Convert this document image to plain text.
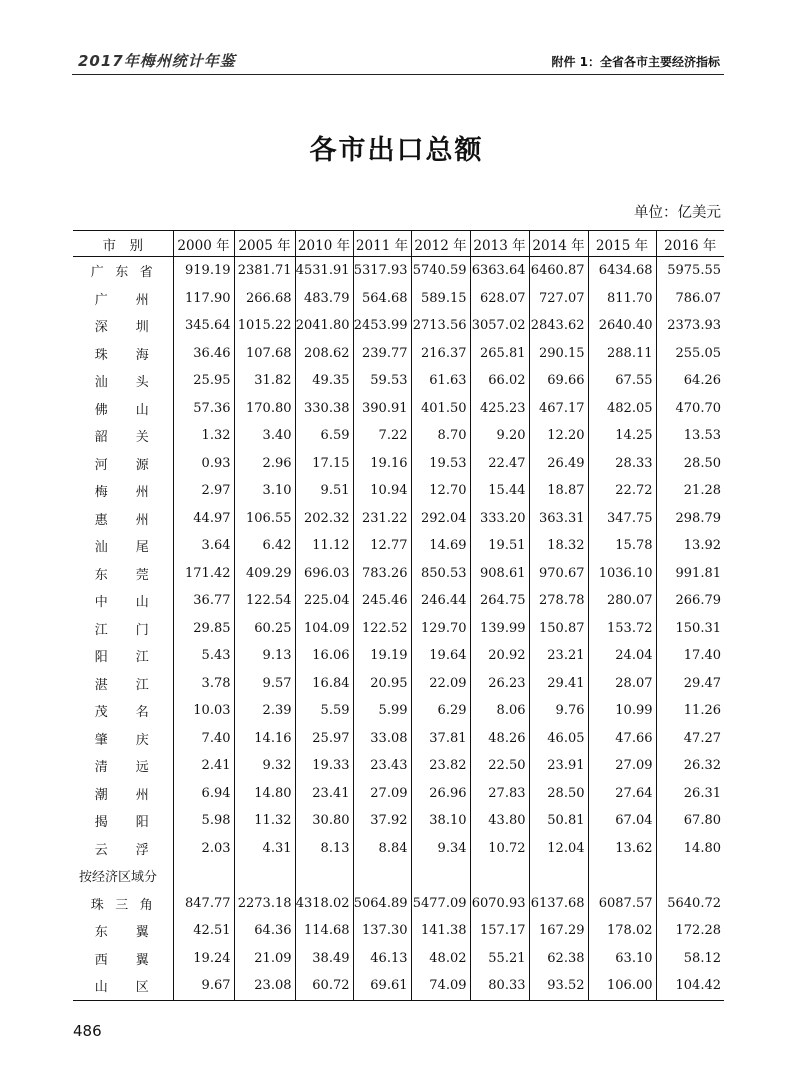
2017年梅州统计年鉴	附件 1：全省各市主要经济指标
各市出口总额
单位：亿美元
市　别	2000 年	2005 年	2010 年	2011 年	2012 年	2013 年	2014 年	2015 年	2016 年

广 东 省	919.19	2381.71	4531.91	5317.93	5740.59	6363.64	6460.87	6434.68	5975.55

广 州	117.90	266.68	483.79	564.68	589.15	628.07	727.07	811.70	786.07

深 圳	345.64	1015.22	2041.80	2453.99	2713.56	3057.02	2843.62	2640.40	2373.93

珠 海	36.46	107.68	208.62	239.77	216.37	265.81	290.15	288.11	255.05

汕 头	25.95	31.82	49.35	59.53	61.63	66.02	69.66	67.55	64.26

佛 山	57.36	170.80	330.38	390.91	401.50	425.23	467.17	482.05	470.70

韶 关	1.32	3.40	6.59	7.22	8.70	9.20	12.20	14.25	13.53

河 源	0.93	2.96	17.15	19.16	19.53	22.47	26.49	28.33	28.50

梅 州	2.97	3.10	9.51	10.94	12.70	15.44	18.87	22.72	21.28

惠 州	44.97	106.55	202.32	231.22	292.04	333.20	363.31	347.75	298.79

汕 尾	3.64	6.42	11.12	12.77	14.69	19.51	18.32	15.78	13.92

东 莞	171.42	409.29	696.03	783.26	850.53	908.61	970.67	1036.10	991.81

中 山	36.77	122.54	225.04	245.46	246.44	264.75	278.78	280.07	266.79

江 门	29.85	60.25	104.09	122.52	129.70	139.99	150.87	153.72	150.31

阳 江	5.43	9.13	16.06	19.19	19.64	20.92	23.21	24.04	17.40

湛 江	3.78	9.57	16.84	20.95	22.09	26.23	29.41	28.07	29.47

茂 名	10.03	2.39	5.59	5.99	6.29	8.06	9.76	10.99	11.26

肇 庆	7.40	14.16	25.97	33.08	37.81	48.26	46.05	47.66	47.27

清 远	2.41	9.32	19.33	23.43	23.82	22.50	23.91	27.09	26.32

潮 州	6.94	14.80	23.41	27.09	26.96	27.83	28.50	27.64	26.31

揭 阳	5.98	11.32	30.80	37.92	38.10	43.80	50.81	67.04	67.80

云 浮	2.03	4.31	8.13	8.84	9.34	10.72	12.04	13.62	14.80
按经济区域分									

珠 三 角	847.77	2273.18	4318.02	5064.89	5477.09	6070.93	6137.68	6087.57	5640.72

东 翼	42.51	64.36	114.68	137.30	141.38	157.17	167.29	178.02	172.28

西 翼	19.24	21.09	38.49	46.13	48.02	55.21	62.38	63.10	58.12

山 区	9.67	23.08	60.72	69.61	74.09	80.33	93.52	106.00	104.42
486
